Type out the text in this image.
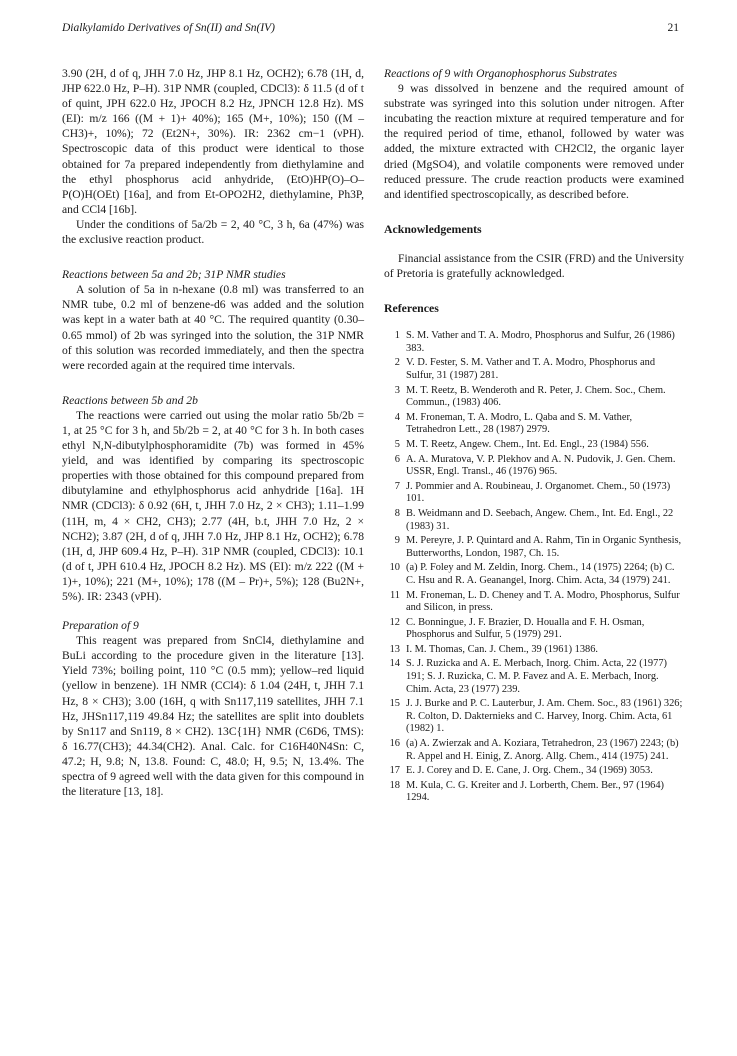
Dialkylamido Derivatives of Sn(II) and Sn(IV)	21

3.90 (2H, d of q, JHH 7.0 Hz, JHP 8.1 Hz, OCH2); 6.78 (1H, d, JHP 622.0 Hz, P–H). 31P NMR (coupled, CDCl3): δ 11.5 (d of t of quint, JPH 622.0 Hz, JPOCH 8.2 Hz, JPNCH 12.8 Hz). MS (EI): m/z 166 ((M + 1)+ 40%); 165 (M+, 10%); 150 ((M – CH3)+, 10%); 72 (Et2N+, 30%). IR: 2362 cm−1 (νPH). Spectroscopic data of this product were identical to those obtained for 7a prepared independently from diethylamine and the ethyl phosphorus acid anhydride, (EtO)HP(O)–O–P(O)H(OEt) [16a], and from Et-OPO2H2, diethylamine, Ph3P, and CCl4 [16b].

Under the conditions of 5a/2b = 2, 40 °C, 3 h, 6a (47%) was the exclusive reaction product.

Reactions between 5a and 2b; 31P NMR studies

A solution of 5a in n-hexane (0.8 ml) was transferred to an NMR tube, 0.2 ml of benzene-d6 was added and the solution was kept in a water bath at 40 °C. The required quantity (0.30–0.65 mmol) of 2b was syringed into the solution, the 31P NMR of this solution was recorded immediately, and then the spectra were recorded again at the required time intervals.

Reactions between 5b and 2b

The reactions were carried out using the molar ratio 5b/2b = 1, at 25 °C for 3 h, and 5b/2b = 2, at 40 °C for 3 h. In both cases ethyl N,N-dibutylphosphoramidite (7b) was formed in 45% yield, and was identified by comparing its spectroscopic properties with those obtained for this compound prepared from dibutylamine and ethylphosphorus acid anhydride [16a]. 1H NMR (CDCl3): δ 0.92 (6H, t, JHH 7.0 Hz, 2 × CH3); 1.11–1.99 (11H, m, 4 × CH2, CH3); 2.77 (4H, b.t, JHH 7.0 Hz, 2 × NCH2); 3.87 (2H, d of q, JHH 7.0 Hz, JHP 8.1 Hz, OCH2); 6.78 (1H, d, JHP 609.4 Hz, P–H). 31P NMR (coupled, CDCl3): 10.1 (d of t, JPH 610.4 Hz, JPOCH 8.2 Hz). MS (EI): m/z 222 ((M + 1)+, 10%); 221 (M+, 10%); 178 ((M – Pr)+, 5%); 128 (Bu2N+, 5%). IR: 2343 (νPH).

Preparation of 9

This reagent was prepared from SnCl4, diethylamine and BuLi according to the procedure given in the literature [13]. Yield 73%; boiling point, 110 °C (0.5 mm); yellow–red liquid (yellow in benzene). 1H NMR (CCl4): δ 1.04 (24H, t, JHH 7.1 Hz, 8 × CH3); 3.00 (16H, q with Sn117,119 satellites, JHH 7.1 Hz, JHSn117,119 49.84 Hz; the satellites are split into doublets by Sn117 and Sn119, 8 × CH2). 13C{1H} NMR (C6D6, TMS): δ 16.77(CH3); 44.34(CH2). Anal. Calc. for C16H40N4Sn: C, 47.2; H, 9.8; N, 13.8. Found: C, 48.0; H, 9.5; N, 13.4%. The spectra of 9 agreed well with the data given for this compound in the literature [13, 18].

Reactions of 9 with Organophosphorus Substrates

9 was dissolved in benzene and the required amount of substrate was syringed into this solution under nitrogen. After incubating the reaction mixture at required temperature and for the required period of time, ethanol, followed by water was added, the mixture extracted with CH2Cl2, the organic layer dried (MgSO4), and volatile components were removed under reduced pressure. The crude reaction products were examined and identified spectroscopically, as described before.

Acknowledgements

Financial assistance from the CSIR (FRD) and the University of Pretoria is gratefully acknowledged.

References
1 S. M. Vather and T. A. Modro, Phosphorus and Sulfur, 26 (1986) 383.
2 V. D. Fester, S. M. Vather and T. A. Modro, Phosphorus and Sulfur, 31 (1987) 281.
3 M. T. Reetz, B. Wenderoth and R. Peter, J. Chem. Soc., Chem. Commun., (1983) 406.
4 M. Froneman, T. A. Modro, L. Qaba and S. M. Vather, Tetrahedron Lett., 28 (1987) 2979.
5 M. T. Reetz, Angew. Chem., Int. Ed. Engl., 23 (1984) 556.
6 A. A. Muratova, V. P. Plekhov and A. N. Pudovik, J. Gen. Chem. USSR, Engl. Transl., 46 (1976) 965.
7 J. Pommier and A. Roubineau, J. Organomet. Chem., 50 (1973) 101.
8 B. Weidmann and D. Seebach, Angew. Chem., Int. Ed. Engl., 22 (1983) 31.
9 M. Pereyre, J. P. Quintard and A. Rahm, Tin in Organic Synthesis, Butterworths, London, 1987, Ch. 15.
10 (a) P. Foley and M. Zeldin, Inorg. Chem., 14 (1975) 2264; (b) C. C. Hsu and R. A. Geanangel, Inorg. Chim. Acta, 34 (1979) 241.
11 M. Froneman, L. D. Cheney and T. A. Modro, Phosphorus, Sulfur and Silicon, in press.
12 C. Bonningue, J. F. Brazier, D. Houalla and F. H. Osman, Phosphorus and Sulfur, 5 (1979) 291.
13 I. M. Thomas, Can. J. Chem., 39 (1961) 1386.
14 S. J. Ruzicka and A. E. Merbach, Inorg. Chim. Acta, 22 (1977) 191; S. J. Ruzicka, C. M. P. Favez and A. E. Merbach, Inorg. Chim. Acta, 23 (1977) 239.
15 J. J. Burke and P. C. Lauterbur, J. Am. Chem. Soc., 83 (1961) 326; R. Colton, D. Dakternieks and C. Harvey, Inorg. Chim. Acta, 61 (1982) 1.
16 (a) A. Zwierzak and A. Koziara, Tetrahedron, 23 (1967) 2243; (b) R. Appel and H. Einig, Z. Anorg. Allg. Chem., 414 (1975) 241.
17 E. J. Corey and D. E. Cane, J. Org. Chem., 34 (1969) 3053.
18 M. Kula, C. G. Kreiter and J. Lorberth, Chem. Ber., 97 (1964) 1294.
